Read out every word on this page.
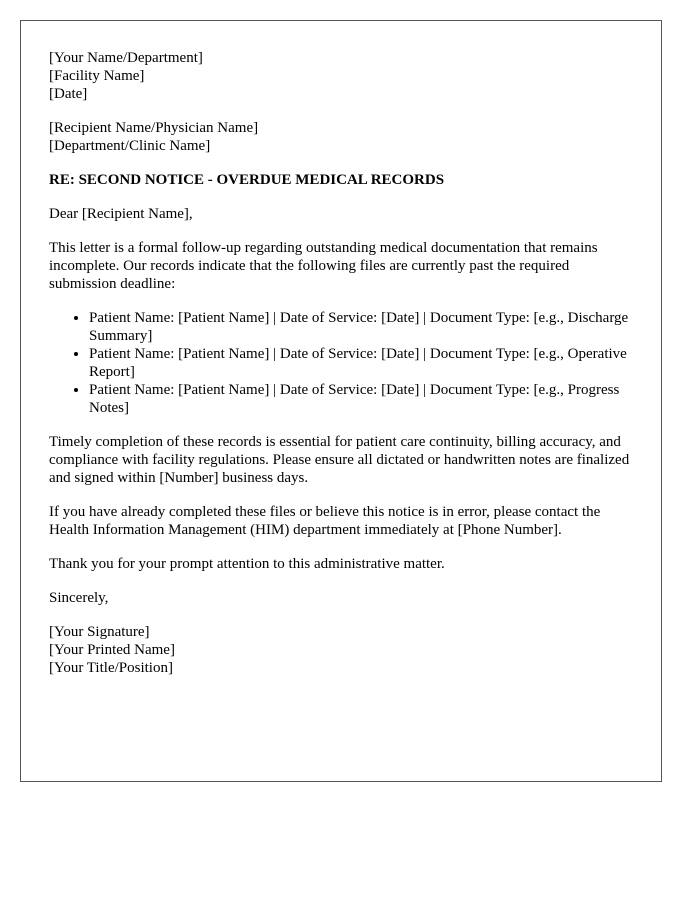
[Your Name/Department]
[Facility Name]
[Date]
[Recipient Name/Physician Name]
[Department/Clinic Name]
RE: SECOND NOTICE - OVERDUE MEDICAL RECORDS

Dear [Recipient Name],

This letter is a formal follow-up regarding outstanding medical documentation that remains incomplete. Our records indicate that the following files are currently past the required submission deadline:

• Patient Name: [Patient Name] | Date of Service: [Date] | Document Type: [e.g., Discharge Summary]
• Patient Name: [Patient Name] | Date of Service: [Date] | Document Type: [e.g., Operative Report]
• Patient Name: [Patient Name] | Date of Service: [Date] | Document Type: [e.g., Progress Notes]

Timely completion of these records is essential for patient care continuity, billing accuracy, and compliance with facility regulations. Please ensure all dictated or handwritten notes are finalized and signed within [Number] business days.

If you have already completed these files or believe this notice is in error, please contact the Health Information Management (HIM) department immediately at [Phone Number].

Thank you for your prompt attention to this administrative matter.

Sincerely,

[Your Signature]
[Your Printed Name]
[Your Title/Position]
